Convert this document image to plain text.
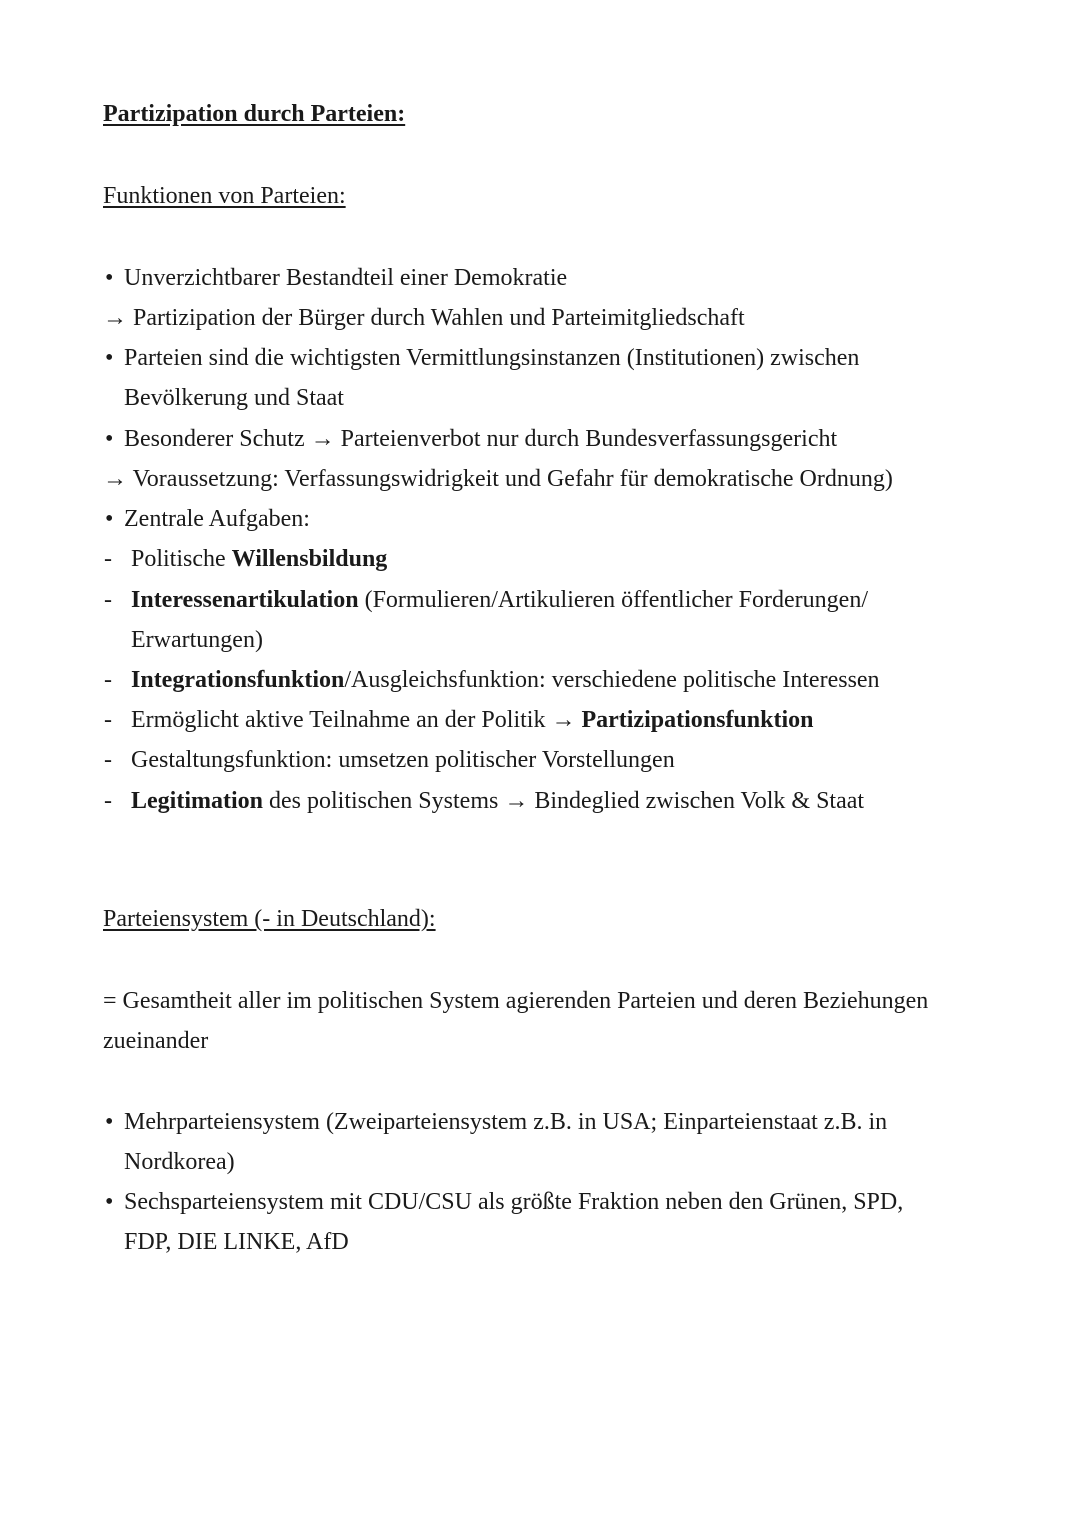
Partizipation durch Parteien:
Funktionen von Parteien:
• Unverzichtbarer Bestandteil einer Demokratie
→ Partizipation der Bürger durch Wahlen und Parteimitgliedschaft
• Parteien sind die wichtigsten Vermittlungsinstanzen (Institutionen) zwischen
Bevölkerung und Staat
• Besonderer Schutz → Parteienverbot nur durch Bundesverfassungsgericht
→ Voraussetzung: Verfassungswidrigkeit und Gefahr für demokratische Ordnung)
• Zentrale Aufgaben:
- Politische Willensbildung
- Interessenartikulation (Formulieren/Artikulieren öffentlicher Forderungen/
Erwartungen)
- Integrationsfunktion/Ausgleichsfunktion: verschiedene politische Interessen
- Ermöglicht aktive Teilnahme an der Politik → Partizipationsfunktion
- Gestaltungsfunktion: umsetzen politischer Vorstellungen
- Legitimation des politischen Systems → Bindeglied zwischen Volk & Staat
Parteiensystem (- in Deutschland):
= Gesamtheit aller im politischen System agierenden Parteien und deren Beziehungen
zueinander
• Mehrparteiensystem (Zweiparteiensystem z.B. in USA; Einparteienstaat z.B. in
Nordkorea)
• Sechsparteiensystem mit CDU/CSU als größte Fraktion neben den Grünen, SPD,
FDP, DIE LINKE, AfD
